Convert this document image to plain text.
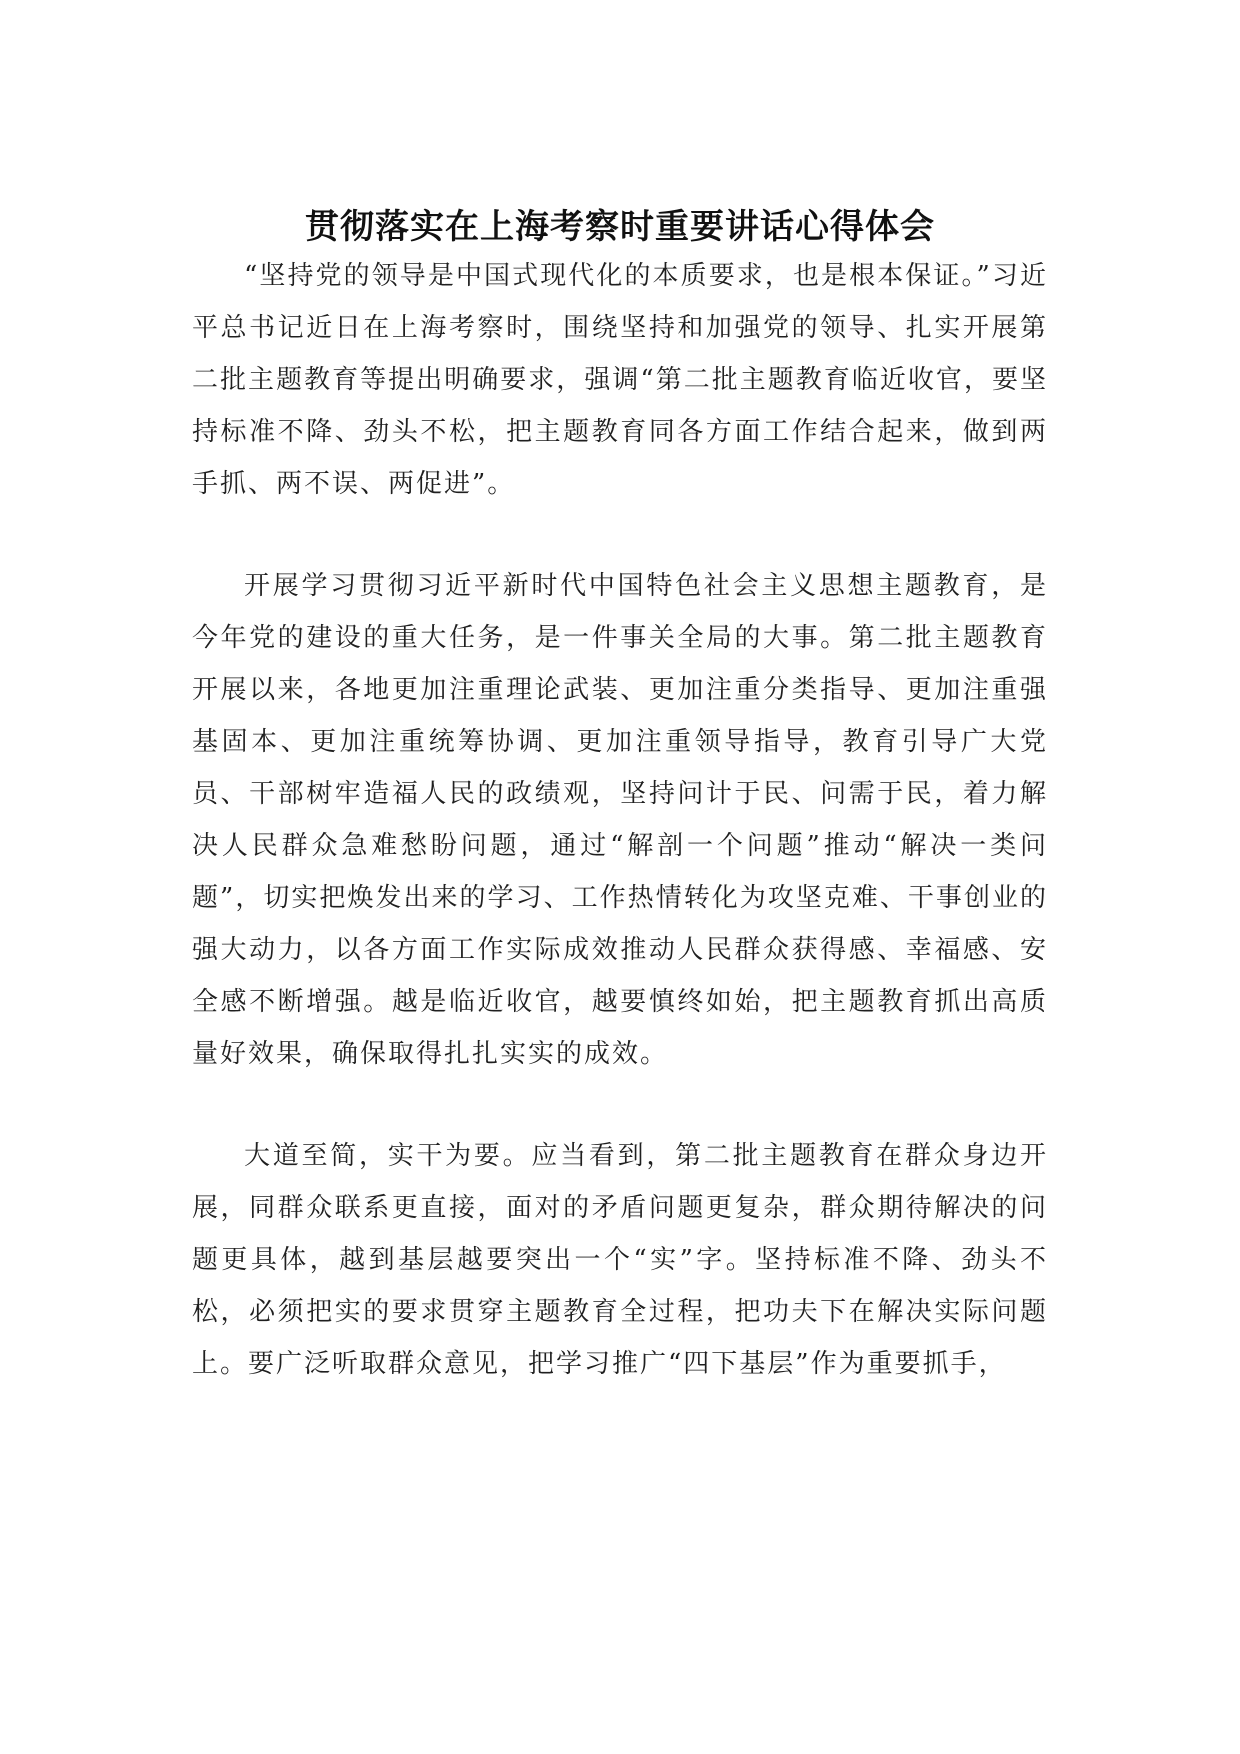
贯彻落实在上海考察时重要讲话心得体会

“坚持党的领导是中国式现代化的本质要求，也是根本保证。”习近平总书记近日在上海考察时，围绕坚持和加强党的领导、扎实开展第二批主题教育等提出明确要求，强调“第二批主题教育临近收官，要坚持标准不降、劲头不松，把主题教育同各方面工作结合起来，做到两手抓、两不误、两促进”。

开展学习贯彻习近平新时代中国特色社会主义思想主题教育，是今年党的建设的重大任务，是一件事关全局的大事。第二批主题教育开展以来，各地更加注重理论武装、更加注重分类指导、更加注重强基固本、更加注重统筹协调、更加注重领导指导，教育引导广大党员、干部树牢造福人民的政绩观，坚持问计于民、问需于民，着力解决人民群众急难愁盼问题，通过“解剖一个问题”推动“解决一类问题”，切实把焕发出来的学习、工作热情转化为攻坚克难、干事创业的强大动力，以各方面工作实际成效推动人民群众获得感、幸福感、安全感不断增强。越是临近收官，越要慎终如始，把主题教育抓出高质量好效果，确保取得扎扎实实的成效。

大道至简，实干为要。应当看到，第二批主题教育在群众身边开展，同群众联系更直接，面对的矛盾问题更复杂，群众期待解决的问题更具体，越到基层越要突出一个“实”字。坚持标准不降、劲头不松，必须把实的要求贯穿主题教育全过程，把功夫下在解决实际问题上。要广泛听取群众意见，把学习推广“四下基层”作为重要抓手，
